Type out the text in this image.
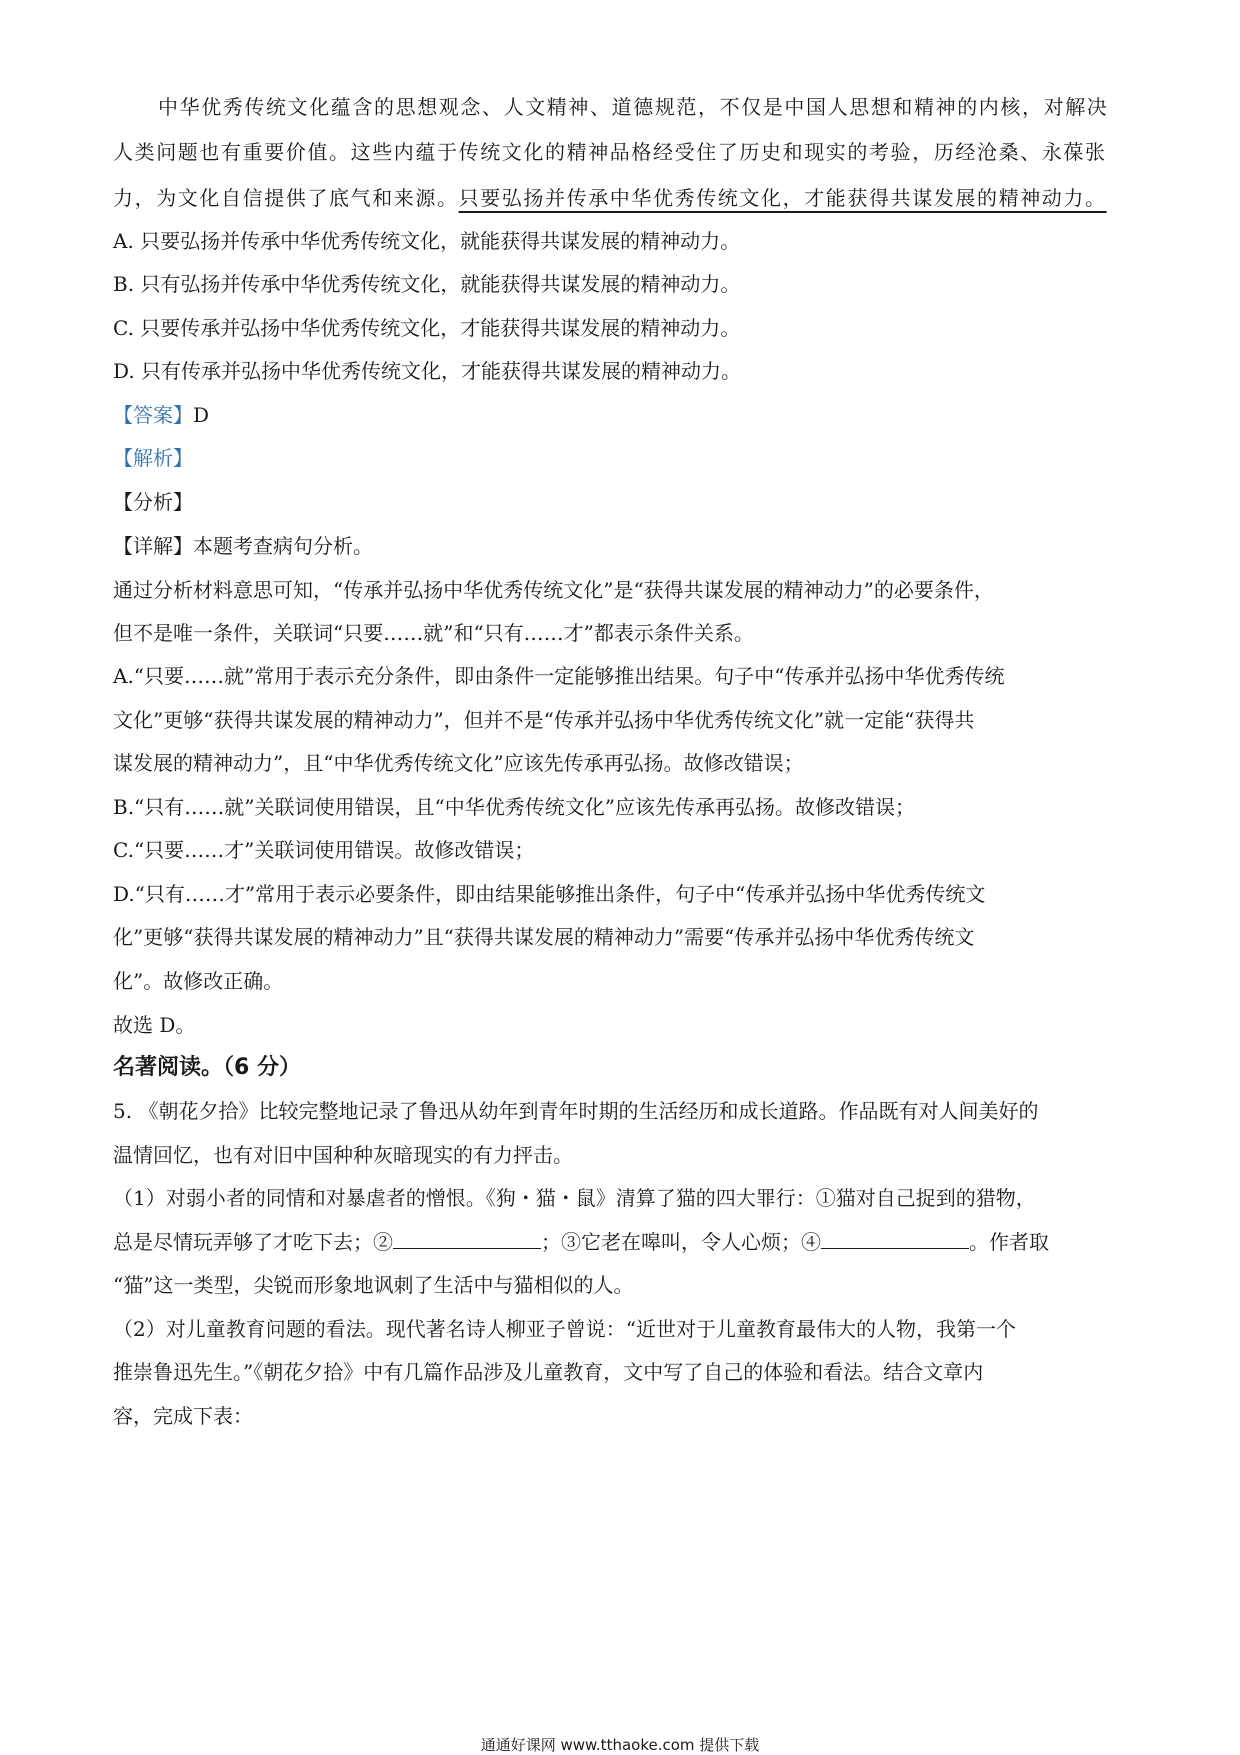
中华优秀传统文化蕴含的思想观念、人文精神、道德规范，不仅是中国人思想和精神的内核，对解决
人类问题也有重要价值。这些内蕴于传统文化的精神品格经受住了历史和现实的考验，历经沧桑、永葆张
力，为文化自信提供了底气和来源。只要弘扬并传承中华优秀传统文化，才能获得共谋发展的精神动力。
A. 只要弘扬并传承中华优秀传统文化，就能获得共谋发展的精神动力。
B. 只有弘扬并传承中华优秀传统文化，就能获得共谋发展的精神动力。
C. 只要传承并弘扬中华优秀传统文化，才能获得共谋发展的精神动力。
D. 只有传承并弘扬中华优秀传统文化，才能获得共谋发展的精神动力。
【答案】D
【解析】
【分析】
【详解】本题考查病句分析。
通过分析材料意思可知，“传承并弘扬中华优秀传统文化”是“获得共谋发展的精神动力”的必要条件，
但不是唯一条件，关联词“只要……就”和“只有……才”都表示条件关系。
A.“只要……就”常用于表示充分条件，即由条件一定能够推出结果。句子中“传承并弘扬中华优秀传统
文化”更够“获得共谋发展的精神动力”，但并不是“传承并弘扬中华优秀传统文化”就一定能“获得共
谋发展的精神动力”，且“中华优秀传统文化”应该先传承再弘扬。故修改错误；
B.“只有……就”关联词使用错误，且“中华优秀传统文化”应该先传承再弘扬。故修改错误；
C.“只要……才”关联词使用错误。故修改错误；
D.“只有……才”常用于表示必要条件，即由结果能够推出条件，句子中“传承并弘扬中华优秀传统文
化”更够“获得共谋发展的精神动力”且“获得共谋发展的精神动力”需要“传承并弘扬中华优秀传统文
化”。故修改正确。
故选 D。
名著阅读。（6 分）
5. 《朝花夕拾》比较完整地记录了鲁迅从幼年到青年时期的生活经历和成长道路。作品既有对人间美好的
温情回忆，也有对旧中国种种灰暗现实的有力抨击。
（1）对弱小者的同情和对暴虐者的憎恨。《狗・猫・鼠》清算了猫的四大罪行：①猫对自己捉到的猎物，
总是尽情玩弄够了才吃下去；②	；③它老在嗥叫，令人心烦；④	。作者取
“猫”这一类型，尖锐而形象地讽刺了生活中与猫相似的人。
（2）对儿童教育问题的看法。现代著名诗人柳亚子曾说：“近世对于儿童教育最伟大的人物，我第一个
推崇鲁迅先生。”《朝花夕拾》中有几篇作品涉及儿童教育，文中写了自己的体验和看法。结合文章内
容，完成下表：
通通好课网 www.tthaoke.com 提供下载
